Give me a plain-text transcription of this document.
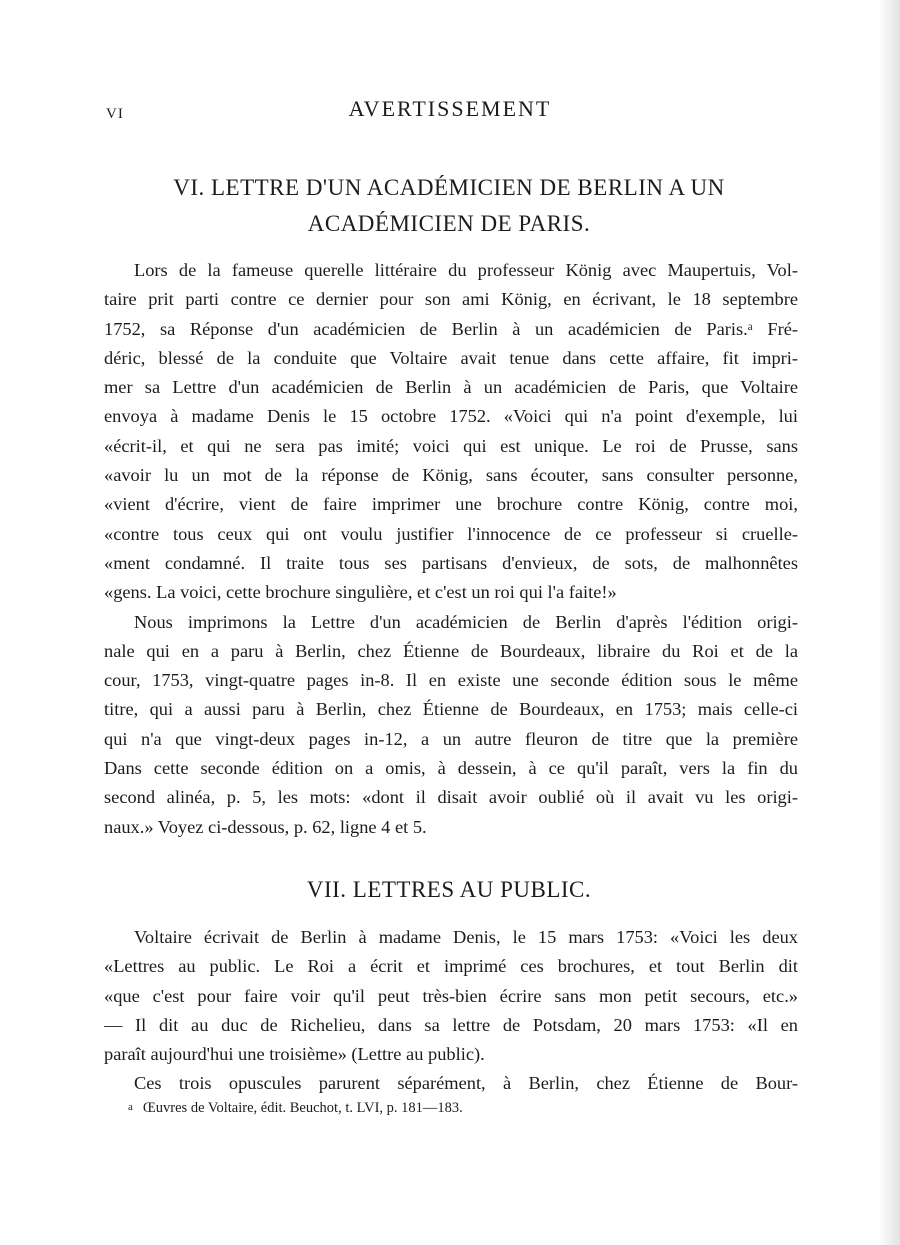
VI	AVERTISSEMENT
VI. LETTRE D'UN ACADÉMICIEN DE BERLIN A UN
ACADÉMICIEN DE PARIS.
Lors de la fameuse querelle littéraire du professeur König avec Maupertuis, Vol-
taire prit parti contre ce dernier pour son ami König, en écrivant, le 18 septembre
1752, sa Réponse d'un académicien de Berlin à un académicien de Paris.ᵃ Fré-
déric, blessé de la conduite que Voltaire avait tenue dans cette affaire, fit impri-
mer sa Lettre d'un académicien de Berlin à un académicien de Paris, que Voltaire
envoya à madame Denis le 15 octobre 1752. «Voici qui n'a point d'exemple, lui
«écrit-il, et qui ne sera pas imité; voici qui est unique. Le roi de Prusse, sans
«avoir lu un mot de la réponse de König, sans écouter, sans consulter personne,
«vient d'écrire, vient de faire imprimer une brochure contre König, contre moi,
«contre tous ceux qui ont voulu justifier l'innocence de ce professeur si cruelle-
«ment condamné. Il traite tous ses partisans d'envieux, de sots, de malhonnêtes
«gens. La voici, cette brochure singulière, et c'est un roi qui l'a faite!»
Nous imprimons la Lettre d'un académicien de Berlin d'après l'édition origi-
nale qui en a paru à Berlin, chez Étienne de Bourdeaux, libraire du Roi et de la
cour, 1753, vingt-quatre pages in-8. Il en existe une seconde édition sous le même
titre, qui a aussi paru à Berlin, chez Étienne de Bourdeaux, en 1753; mais celle-ci
qui n'a que vingt-deux pages in-12, a un autre fleuron de titre que la première
Dans cette seconde édition on a omis, à dessein, à ce qu'il paraît, vers la fin du
second alinéa, p. 5, les mots: «dont il disait avoir oublié où il avait vu les origi-
naux.» Voyez ci-dessous, p. 62, ligne 4 et 5.
VII. LETTRES AU PUBLIC.
Voltaire écrivait de Berlin à madame Denis, le 15 mars 1753: «Voici les deux
«Lettres au public. Le Roi a écrit et imprimé ces brochures, et tout Berlin dit
«que c'est pour faire voir qu'il peut très-bien écrire sans mon petit secours, etc.»
— Il dit au duc de Richelieu, dans sa lettre de Potsdam, 20 mars 1753: «Il en
paraît aujourd'hui une troisième» (Lettre au public).
Ces trois opuscules parurent séparément, à Berlin, chez Étienne de Bour-
a Œuvres de Voltaire, édit. Beuchot, t. LVI, p. 181—183.
